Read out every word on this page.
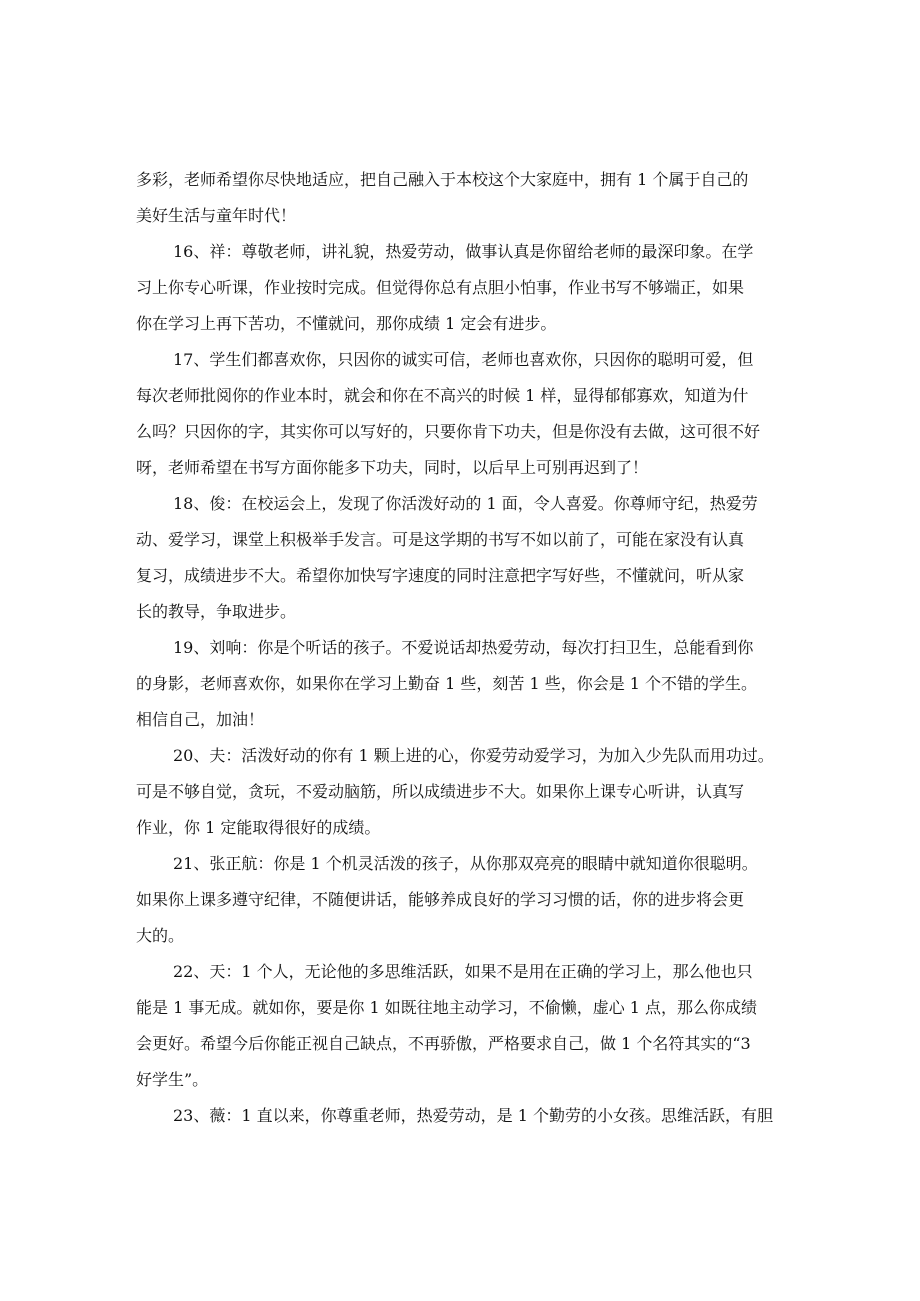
多彩，老师希望你尽快地适应，把自己融入于本校这个大家庭中，拥有 1 个属于自己的
美好生活与童年时代！

16、祥：尊敬老师，讲礼貌，热爱劳动，做事认真是你留给老师的最深印象。在学
习上你专心听课，作业按时完成。但觉得你总有点胆小怕事，作业书写不够端正，如果
你在学习上再下苦功，不懂就问，那你成绩 1 定会有进步。

17、学生们都喜欢你，只因你的诚实可信，老师也喜欢你，只因你的聪明可爱，但
每次老师批阅你的作业本时，就会和你在不高兴的时候 1 样，显得郁郁寡欢，知道为什
么吗？只因你的字，其实你可以写好的，只要你肯下功夫，但是你没有去做，这可很不好
呀，老师希望在书写方面你能多下功夫，同时，以后早上可别再迟到了！

18、俊：在校运会上，发现了你活泼好动的 1 面，令人喜爱。你尊师守纪，热爱劳
动、爱学习，课堂上积极举手发言。可是这学期的书写不如以前了，可能在家没有认真
复习，成绩进步不大。希望你加快写字速度的同时注意把字写好些，不懂就问，听从家
长的教导，争取进步。

19、刘响：你是个听话的孩子。不爱说话却热爱劳动，每次打扫卫生，总能看到你
的身影，老师喜欢你，如果你在学习上勤奋 1 些，刻苦 1 些，你会是 1 个不错的学生。
相信自己，加油！

20、夫：活泼好动的你有 1 颗上进的心，你爱劳动爱学习，为加入少先队而用功过。
可是不够自觉，贪玩，不爱动脑筋，所以成绩进步不大。如果你上课专心听讲，认真写
作业，你 1 定能取得很好的成绩。

21、张正航：你是 1 个机灵活泼的孩子，从你那双亮亮的眼睛中就知道你很聪明。
如果你上课多遵守纪律，不随便讲话，能够养成良好的学习习惯的话，你的进步将会更
大的。

22、天：1 个人，无论他的多思维活跃，如果不是用在正确的学习上，那么他也只
能是 1 事无成。就如你，要是你 1 如既往地主动学习，不偷懒，虚心 1 点，那么你成绩
会更好。希望今后你能正视自己缺点，不再骄傲，严格要求自己，做 1 个名符其实的“3
好学生”。

23、薇：1 直以来，你尊重老师，热爱劳动，是 1 个勤劳的小女孩。思维活跃，有胆
